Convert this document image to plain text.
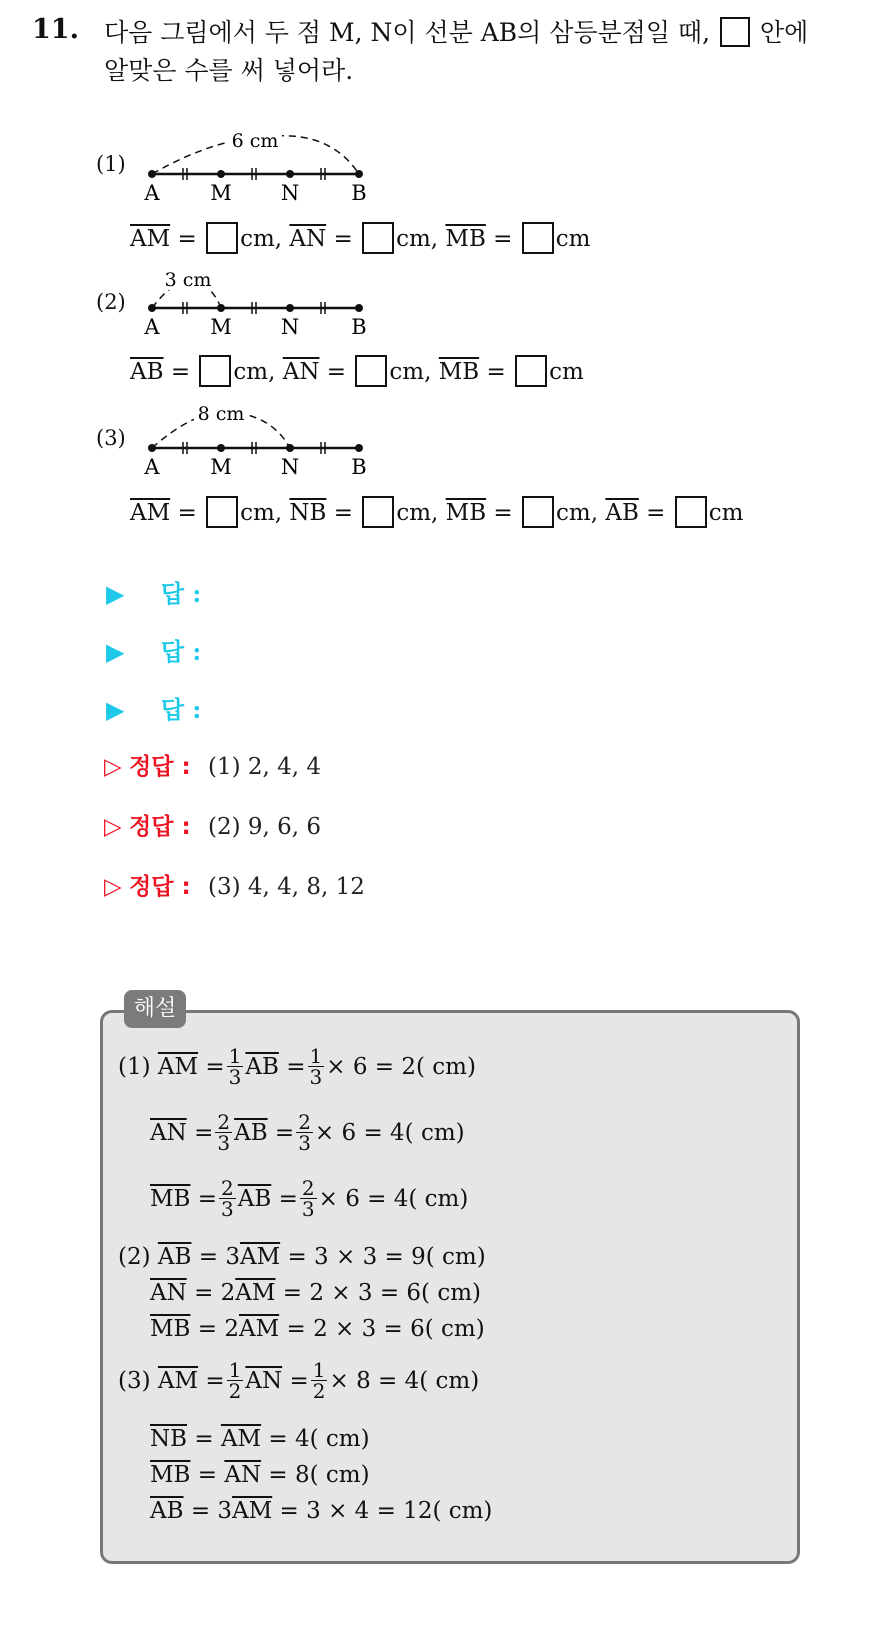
11. 다음 그림에서 두 점 M, N이 선분 AB의 삼등분점일 때, 안에
알맞은 수를 써 넣어라.
(1)
6 cm
A M N B
$\overline{AM}$ = cm, $\overline{AN}$ = cm, $\overline{MB}$ = cm
(2)
3 cm
A M N B
$\overline{AB}$ = cm, $\overline{AN}$ = cm, $\overline{MB}$ = cm
(3)
8 cm
A M N B
$\overline{AM}$ = cm, $\overline{NB}$ = cm, $\overline{MB}$ = cm, $\overline{AB}$ = cm
▶ 답 :
▶ 답 :
▶ 답 :
▷ 정답 : (1) 2, 4, 4
▷ 정답 : (2) 9, 6, 6
▷ 정답 : (3) 4, 4, 8, 12
해설
(1)
$\overline{AM}$
= $\frac{1}{3} \overline{AB}$
= $\frac{1}{3} \times 6 = 2$( cm)
$\overline{AN}$
= $\frac{2}{3} \overline{AB}$
= $\frac{2}{3} \times 6 = 4$( cm)
$\overline{MB}$
= $\frac{2}{3} \overline{AB}$
= $\frac{2}{3} \times 6 = 4$( cm)
(2)
$\overline{AB}$
=
3 $\overline{AM}$
= 3 × 3 = 9( cm)
$\overline{AN}$
=
2 $\overline{AM}$
= 2 × 3 = 6( cm)
$\overline{MB}$
=
2 $\overline{AM}$
= 2 × 3 = 6( cm)
(3)
$\overline{AM}$
= $\frac{1}{2} \overline{AN}$
= $\frac{1}{2} \times 8 = 4$( cm)
$\overline{NB}$
=
$\overline{AM}$
= 4( cm)
$\overline{MB}$
=
$\overline{AN}$
= 8( cm)
$\overline{AB}$
=
3 $\overline{AM}$
= 3 × 4 = 12( cm)
